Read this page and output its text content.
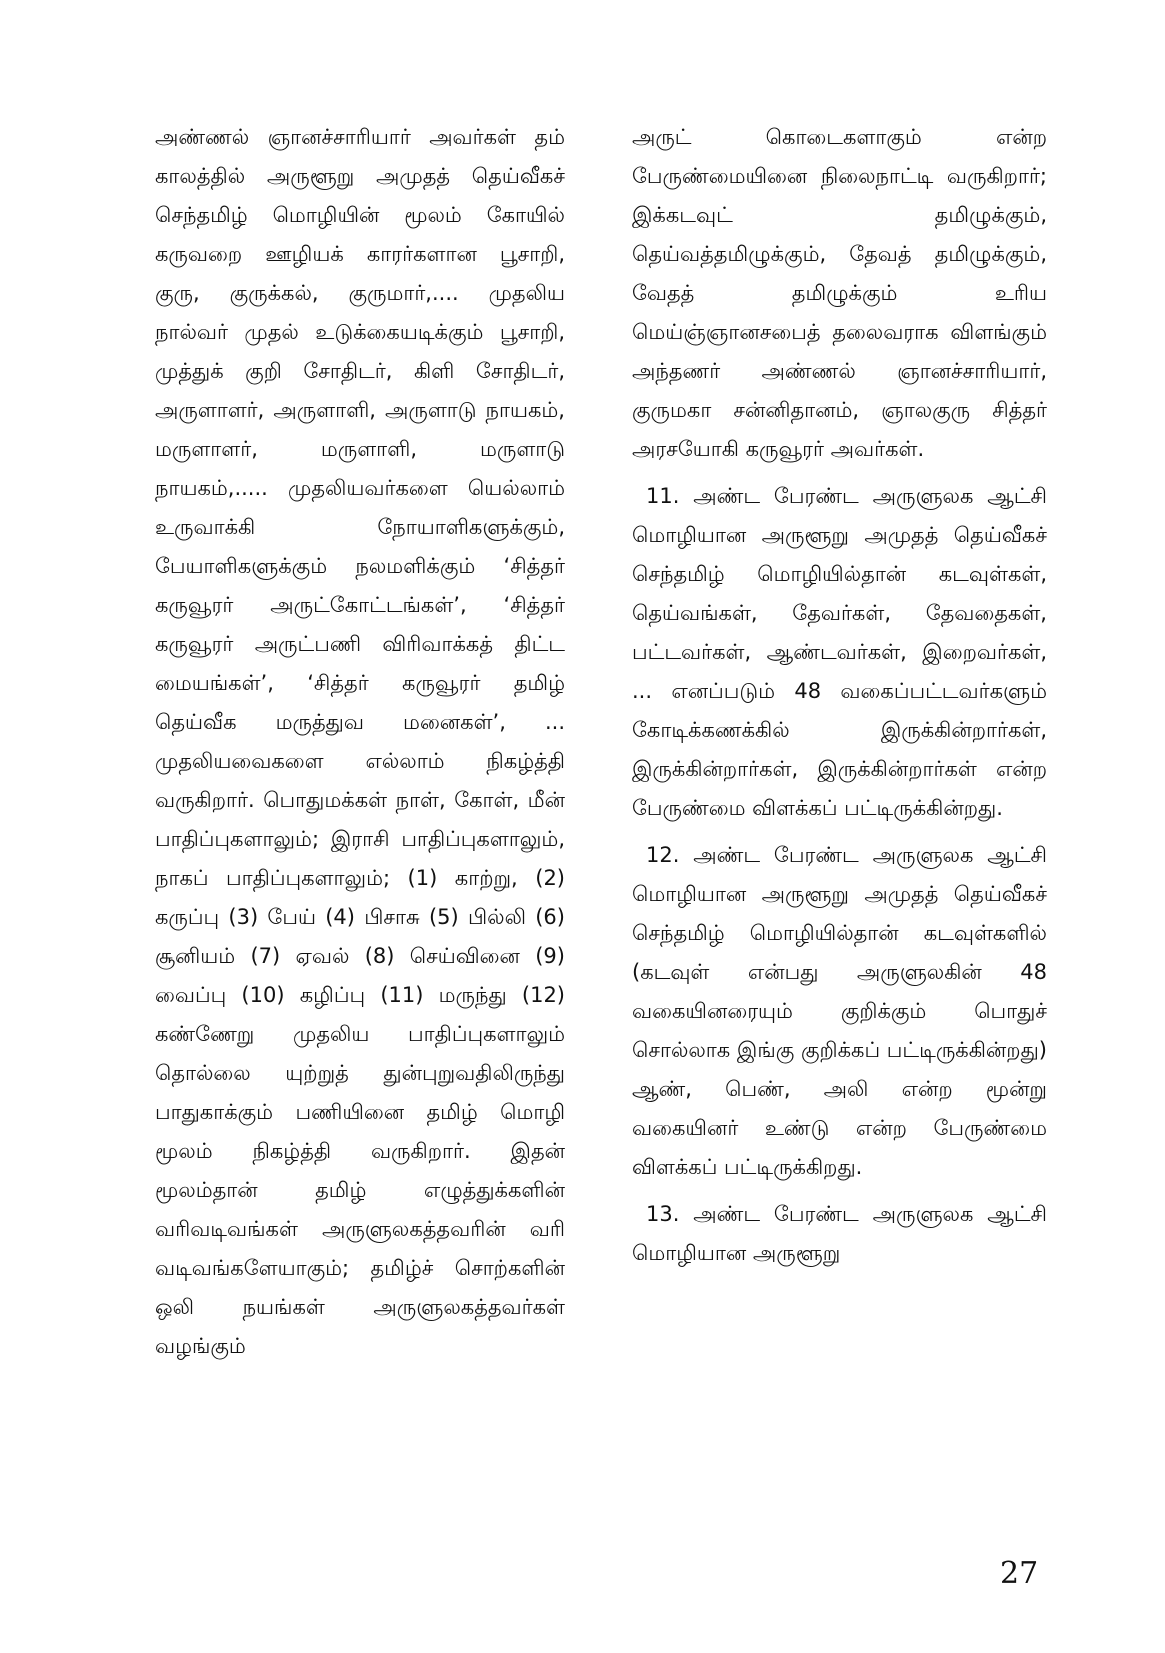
அண்ணல் ஞானச்சாரியார் அவர்கள் தம் காலத்தில் அருளூறு அமுதத் தெய்வீகச் செந்தமிழ் மொழியின் மூலம் கோயில் கருவறை ஊழியக் காரர்களான பூசாறி, குரு, குருக்கல், குருமார்,.... முதலிய நால்வர் முதல் உடுக்கையடிக்கும் பூசாறி, முத்துக் குறி சோதிடர், கிளி சோதிடர், அருளாளர், அருளாளி, அருளாடு நாயகம், மருளாளர், மருளாளி, மருளாடு நாயகம்,..... முதலியவர்களை யெல்லாம் உருவாக்கி நோயாளிகளுக்கும், பேயாளிகளுக்கும் நலமளிக்கும் ‘சித்தர் கருவூரர் அருட்கோட்டங்கள்’, ‘சித்தர் கருவூரர் அருட்பணி விரிவாக்கத் திட்ட மையங்கள்’, ‘சித்தர் கருவூரர் தமிழ் தெய்வீக மருத்துவ மனைகள்’, ... முதலியவைகளை எல்லாம் நிகழ்த்தி வருகிறார். பொதுமக்கள் நாள், கோள், மீன் பாதிப்புகளாலும்; இராசி பாதிப்புகளாலும், நாகப் பாதிப்புகளாலும்; (1) காற்று, (2) கருப்பு (3) பேய் (4) பிசாசு (5) பில்லி (6) சூனியம் (7) ஏவல் (8) செய்வினை (9) வைப்பு (10) கழிப்பு (11) மருந்து (12) கண்ணேறு முதலிய பாதிப்புகளாலும் தொல்லை யுற்றுத் துன்புறுவதிலிருந்து பாதுகாக்கும் பணியினை தமிழ் மொழி மூலம் நிகழ்த்தி வருகிறார். இதன் மூலம்தான் தமிழ் எழுத்துக்களின் வரிவடிவங்கள் அருளுலகத்தவரின் வரி வடிவங்களேயாகும்; தமிழ்ச் சொற்களின் ஒலி நயங்கள் அருளுலகத்தவர்கள் வழங்கும்

அருட் கொடைகளாகும் என்ற பேருண்மையினை நிலைநாட்டி வருகிறார்; இக்கடவுட் தமிழுக்கும், தெய்வத்தமிழுக்கும், தேவத் தமிழுக்கும், வேதத் தமிழுக்கும் உரிய மெய்ஞ்ஞானசபைத் தலைவராக விளங்கும் அந்தணர் அண்ணல் ஞானச்சாரியார், குருமகா சன்னிதானம், ஞாலகுரு சித்தர் அரசயோகி கருவூரர் அவர்கள்.

11. அண்ட பேரண்ட அருளுலக ஆட்சி மொழியான அருளூறு அமுதத் தெய்வீகச் செந்தமிழ் மொழியில்தான் கடவுள்கள், தெய்வங்கள், தேவர்கள், தேவதைகள், பட்டவர்கள், ஆண்டவர்கள், இறைவர்கள், ... எனப்படும் 48 வகைப்பட்டவர்களும் கோடிக்கணக்கில் இருக்கின்றார்கள், இருக்கின்றார்கள், இருக்கின்றார்கள் என்ற பேருண்மை விளக்கப் பட்டிருக்கின்றது.

12. அண்ட பேரண்ட அருளுலக ஆட்சி மொழியான அருளூறு அமுதத் தெய்வீகச் செந்தமிழ் மொழியில்தான் கடவுள்களில் (கடவுள் என்பது அருளுலகின் 48 வகையினரையும் குறிக்கும் பொதுச் சொல்லாக இங்கு குறிக்கப் பட்டிருக்கின்றது) ஆண், பெண், அலி என்ற மூன்று வகையினர் உண்டு என்ற பேருண்மை விளக்கப் பட்டிருக்கிறது.

13. அண்ட பேரண்ட அருளுலக ஆட்சி மொழியான அருளூறு

27
